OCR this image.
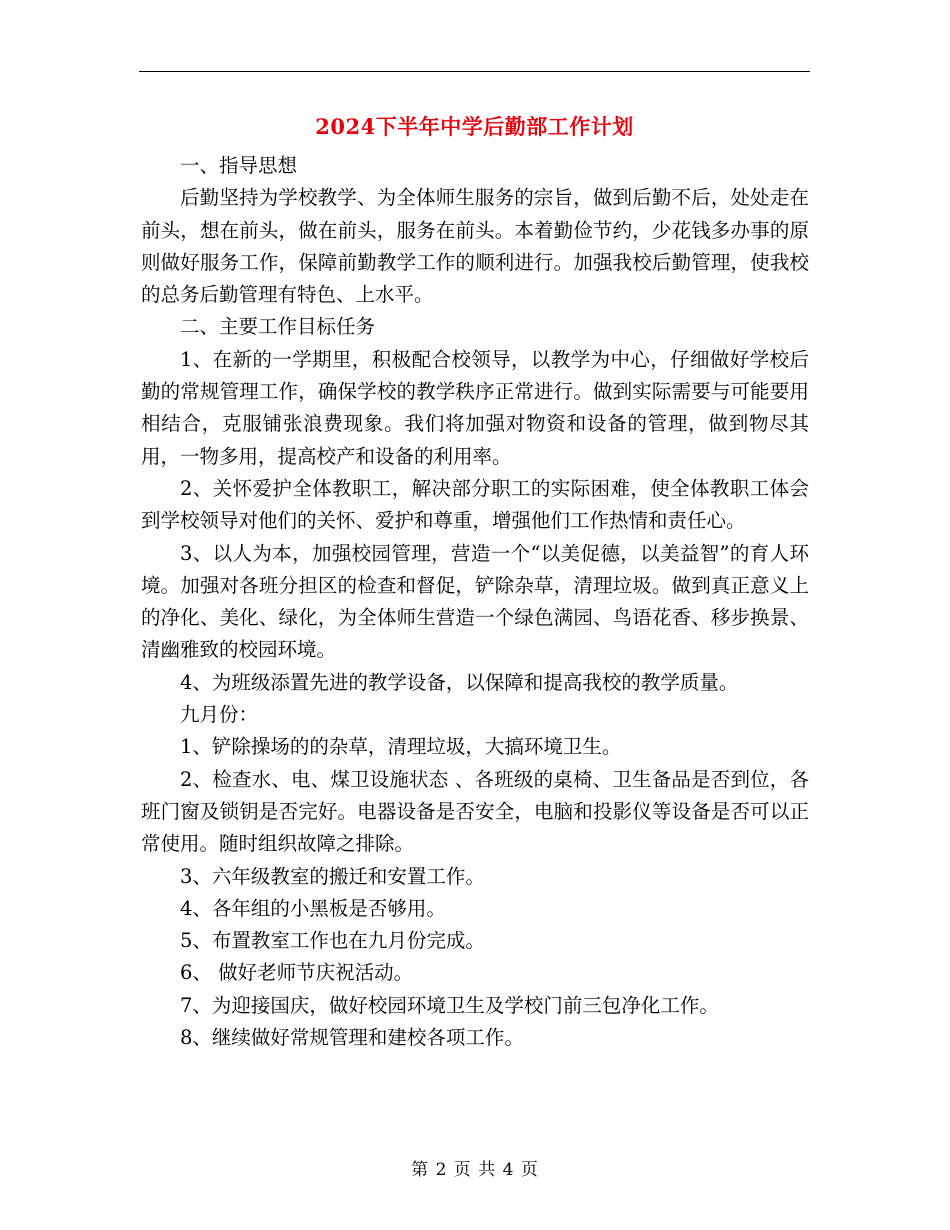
2024下半年中学后勤部工作计划

一、指导思想

后勤坚持为学校教学、为全体师生服务的宗旨，做到后勤不后，处处走在前头，想在前头，做在前头，服务在前头。本着勤俭节约，少花钱多办事的原则做好服务工作，保障前勤教学工作的顺利进行。加强我校后勤管理，使我校的总务后勤管理有特色、上水平。

二、主要工作目标任务

1、在新的一学期里，积极配合校领导，以教学为中心，仔细做好学校后勤的常规管理工作，确保学校的教学秩序正常进行。做到实际需要与可能要用相结合，克服铺张浪费现象。我们将加强对物资和设备的管理，做到物尽其用，一物多用，提高校产和设备的利用率。

2、关怀爱护全体教职工，解决部分职工的实际困难，使全体教职工体会到学校领导对他们的关怀、爱护和尊重，增强他们工作热情和责任心。

3、以人为本，加强校园管理，营造一个“以美促德，以美益智”的育人环境。加强对各班分担区的检查和督促，铲除杂草，清理垃圾。做到真正意义上的净化、美化、绿化，为全体师生营造一个绿色满园、鸟语花香、移步换景、清幽雅致的校园环境。

4、为班级添置先进的教学设备，以保障和提高我校的教学质量。

九月份：

1、铲除操场的的杂草，清理垃圾，大搞环境卫生。

2、检查水、电、煤卫设施状态 、各班级的桌椅、卫生备品是否到位，各班门窗及锁钥是否完好。电器设备是否安全，电脑和投影仪等设备是否可以正常使用。随时组织故障之排除。

3、六年级教室的搬迁和安置工作。

4、各年组的小黑板是否够用。

5、布置教室工作也在九月份完成。

6、 做好老师节庆祝活动。

7、为迎接国庆，做好校园环境卫生及学校门前三包净化工作。

8、继续做好常规管理和建校各项工作。

第 2 页 共 4 页
